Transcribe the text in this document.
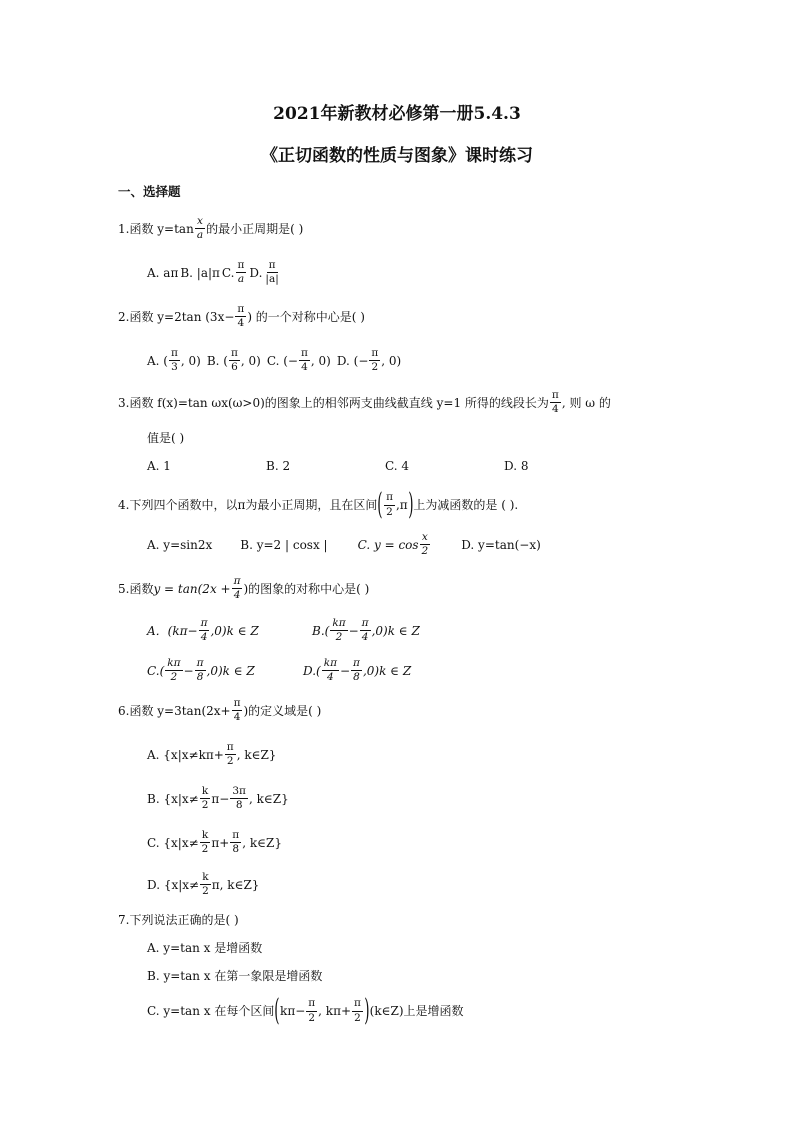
2021年新教材必修第一册5.4.3
《正切函数的性质与图象》课时练习
一、选择题
1.函数 $y=\tan \frac{x}{a}$ 的最小正周期是( )
A. aπ B. |a|π C. $\frac{\pi}{a} D$. $\frac{\pi}{|a|}$
2.函数 y=2tan ($3x- \frac{\pi}{4}$ ) 的一个对称中心是( )
A. ( $\frac{\pi}{3}$ , 0) B. ( $\frac{\pi}{6}$ , 0) C. (− $\frac{\pi}{4}$ , 0) D. (− $\frac{\pi}{2}$ , 0)
3.函数 f(x)=tan ωx(ω>0)的图象上的相邻两支曲线截直线 y=1 所得的线段长为 $\frac{\pi}{4}$ , 则 ω 的
值是( )
A. 1	B. 2	C. 4	D. 8
4.下列四个函数中，以π为最小正周期，且在区间 ( $\frac{\pi}{2} ,\pi$ ) 上为减函数的是 ( ).
A. y=sin2x B. y=2 | cosx |	C. $y = \cos \frac{x}{2}$	D. y=tan(−x)
5.函数 $y = \tan(2x + \frac{\pi}{4}$ ) 的图象的对称中心是( )
A． $(k\pi- \frac{\pi}{4} ,0)k$ ∈ Z	B. ( $\frac{k\pi}{2} - \frac{\pi}{4} ,0)k$ ∈ Z
C. ( $\frac{k\pi}{2} - \frac{\pi}{8} ,0)k$ ∈ Z	D. ( $\frac{k\pi}{4} - \frac{\pi}{8} ,0)k$ ∈ Z
6.函数 $y=3\tan(2x+ \frac{\pi}{4}$ )的定义域是( )
A. {$x|x\ne k\pi+ \frac{\pi}{2}$ , k∈Z}
B. {$x|x\ne \frac{k}{2} \pi- \frac{3\pi}{8}$ , k∈Z}
C. {$x|x\ne \frac{k}{2} \pi+ \frac{\pi}{8}$ , k∈Z}
D. {$x|x\ne \frac{k}{2} \pi$, k∈Z}
7.下列说法正确的是( )
A. y=tan x 是增函数
B. y=tan x 在第一象限是增函数
C. y=tan x 在每个区间 ( $k\pi- \frac{\pi}{2}$ , $k\pi+ \frac{\pi}{2}$ ) (k∈Z)上是增函数
